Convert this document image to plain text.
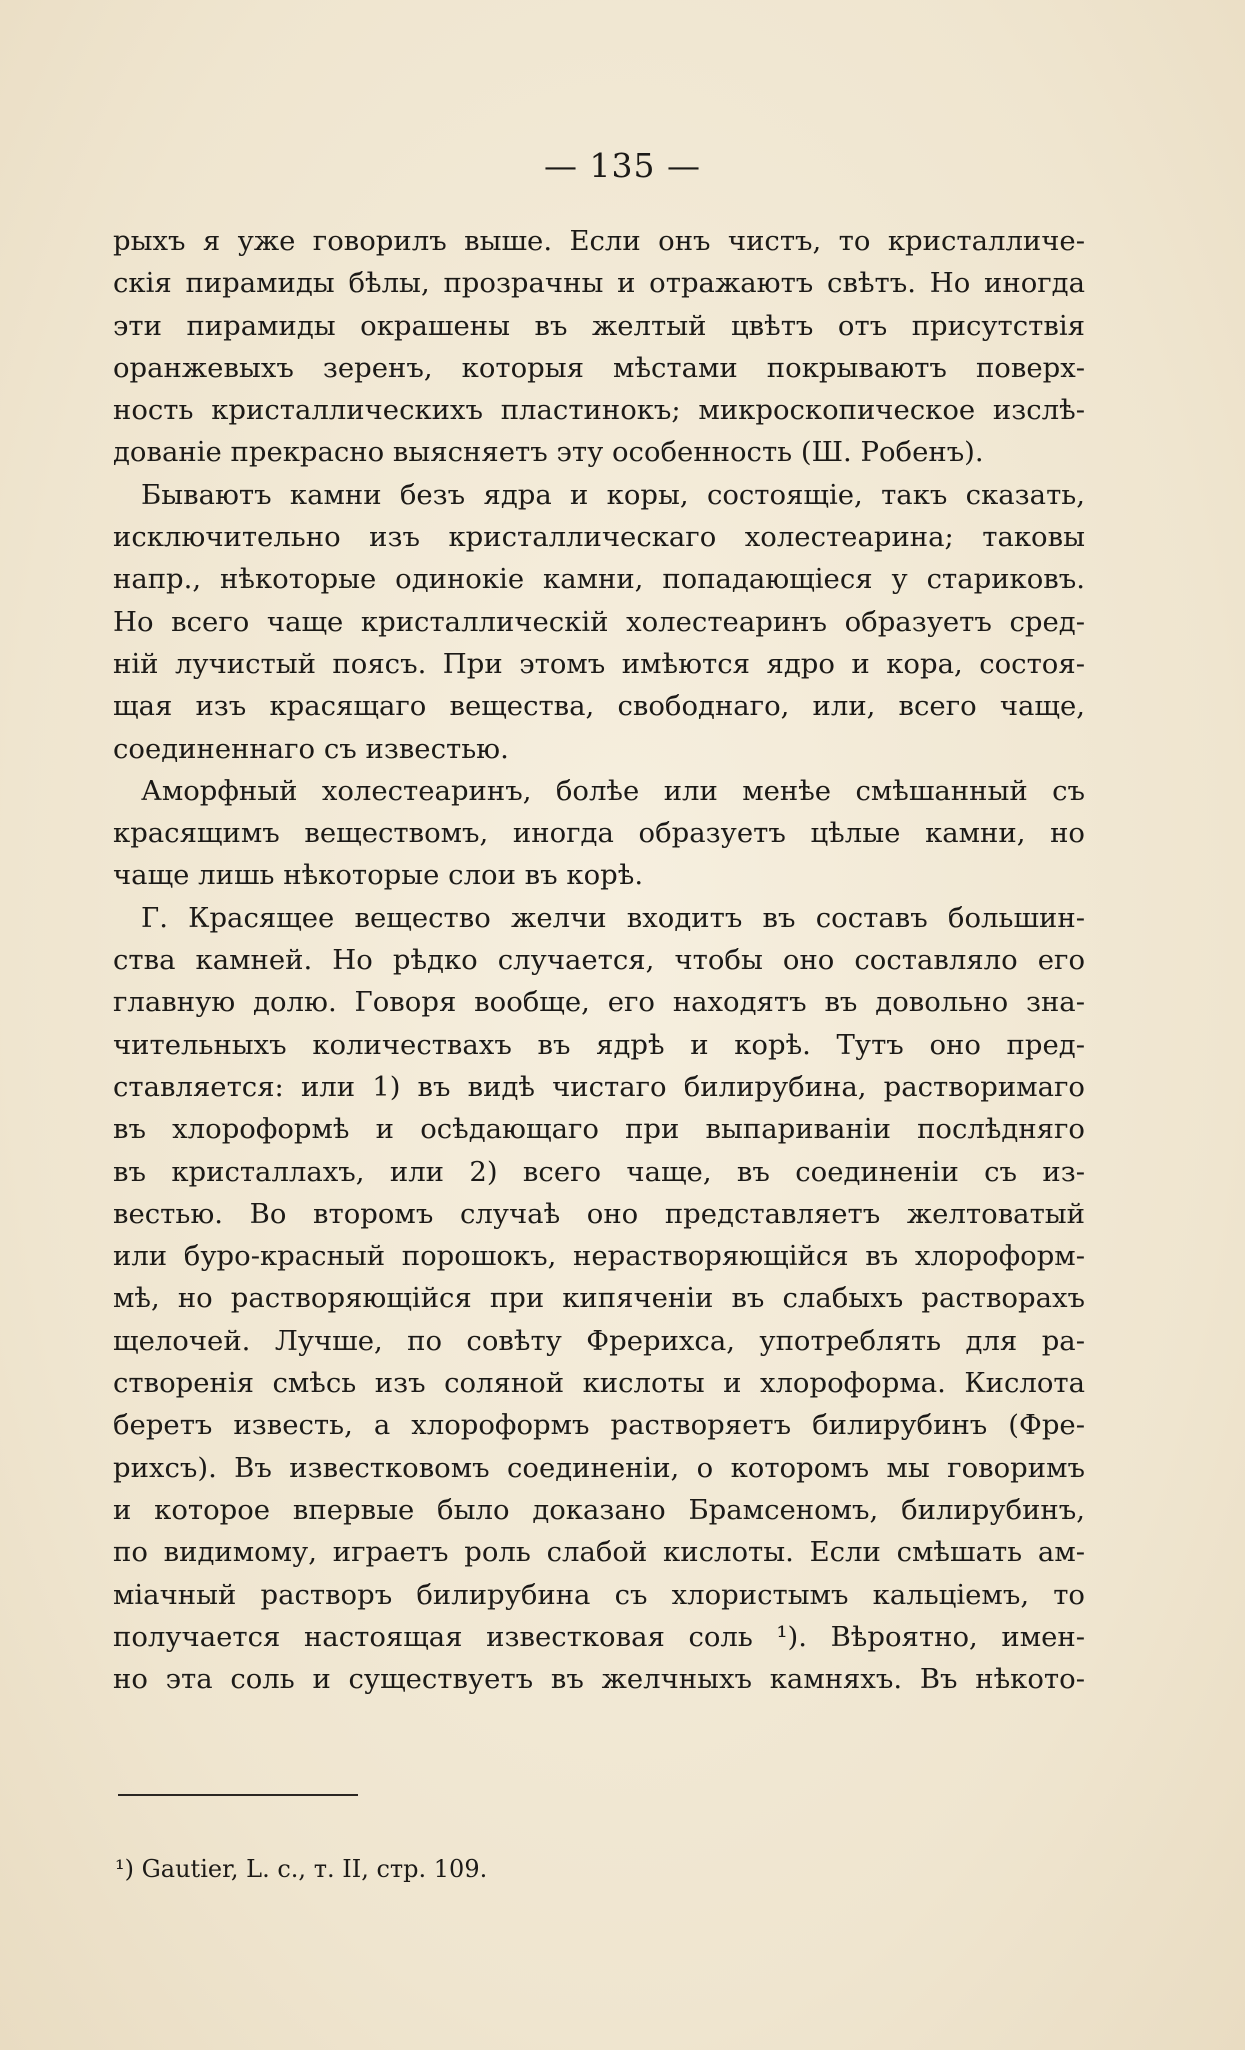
— 135 —
рыхъ я уже говорилъ выше. Если онъ чистъ, то кристалличе-
скія пирамиды бѣлы, прозрачны и отражаютъ свѣтъ. Но иногда
эти пирамиды окрашены въ желтый цвѣтъ отъ присутствія
оранжевыхъ зеренъ, которыя мѣстами покрываютъ поверх-
ность кристаллическихъ пластинокъ; микроскопическое изслѣ-
дованіе прекрасно выясняетъ эту особенность (Ш. Робенъ).
Бываютъ камни безъ ядра и коры, состоящіе, такъ сказать,
исключительно изъ кристаллическаго холестеарина; таковы
напр., нѣкоторые одинокіе камни, попадающіеся у стариковъ.
Но всего чаще кристаллическій холестеаринъ образуетъ сред-
ній лучистый поясъ. При этомъ имѣются ядро и кора, состоя-
щая изъ красящаго вещества, свободнаго, или, всего чаще,
соединеннаго съ известью.
Аморфный холестеаринъ, болѣе или менѣе смѣшанный съ
красящимъ веществомъ, иногда образуетъ цѣлые камни, но
чаще лишь нѣкоторые слои въ корѣ.
Г. Красящее вещество желчи входитъ въ составъ большин-
ства камней. Но рѣдко случается, чтобы оно составляло его
главную долю. Говоря вообще, его находятъ въ довольно зна-
чительныхъ количествахъ въ ядрѣ и корѣ. Тутъ оно пред-
ставляется: или 1) въ видѣ чистаго билирубина, растворимаго
въ хлороформѣ и осѣдающаго при выпариваніи послѣдняго
въ кристаллахъ, или 2) всего чаще, въ соединеніи съ из-
вестью. Во второмъ случаѣ оно представляетъ желтоватый
или буро-красный порошокъ, нерастворяющійся въ хлороформ-
мѣ, но растворяющійся при кипяченіи въ слабыхъ растворахъ
щелочей. Лучше, по совѣту Фрерихса, употреблять для ра-
створенія смѣсь изъ соляной кислоты и хлороформа. Кислота
беретъ известь, а хлороформъ растворяетъ билирубинъ (Фре-
рихсъ). Въ известковомъ соединеніи, о которомъ мы говоримъ
и которое впервые было доказано Брамсеномъ, билирубинъ,
по видимому, играетъ роль слабой кислоты. Если смѣшать ам-
міачный растворъ билирубина съ хлористымъ кальціемъ, то
получается настоящая известковая соль ¹). Вѣроятно, имен-
но эта соль и существуетъ въ желчныхъ камняхъ. Въ нѣкото-
¹) Gautier, L. c., т. II, стр. 109.
